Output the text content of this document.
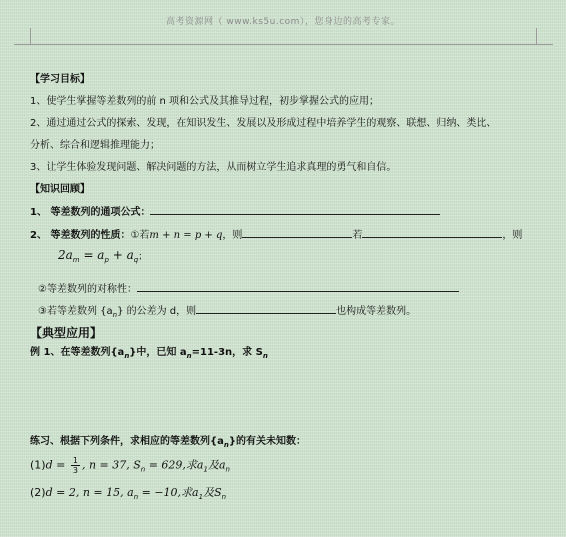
高考资源网（ www.ks5u.com），您身边的高考专家。
【学习目标】
1、使学生掌握等差数列的前 n 项和公式及其推导过程，初步掌握公式的应用；
2、通过通过公式的探索、发现，在知识发生、发展以及形成过程中培养学生的观察、联想、归纳、类比、
分析、综合和逻辑推理能力；
3、让学生体验发现问题、解决问题的方法，从而树立学生追求真理的勇气和自信。
【知识回顾】
1、 等差数列的通项公式：
2、 等差数列的性质：①若m + n = p + q，则	若	，则
$2a_m = a_p + a_q$；
②等差数列的对称性：
③若等差数列 $\{a_n\}$ 的公差为 d，则	也构成等差数列。
【典型应用】
例 1、在等差数列$\{a_n\}$中，已知 $a_n=11-3n$，求 $S_n$
练习、根据下列条件，求相应的等差数列$\{a_n\}$的有关未知数：
$(1)d = \frac{1}{3}$ , n = 37, $S_n = 629$,求$a_1$及$a_n$
(2)d = 2, n = 15, $a_n = -10$,求$a_1$及$S_n$
